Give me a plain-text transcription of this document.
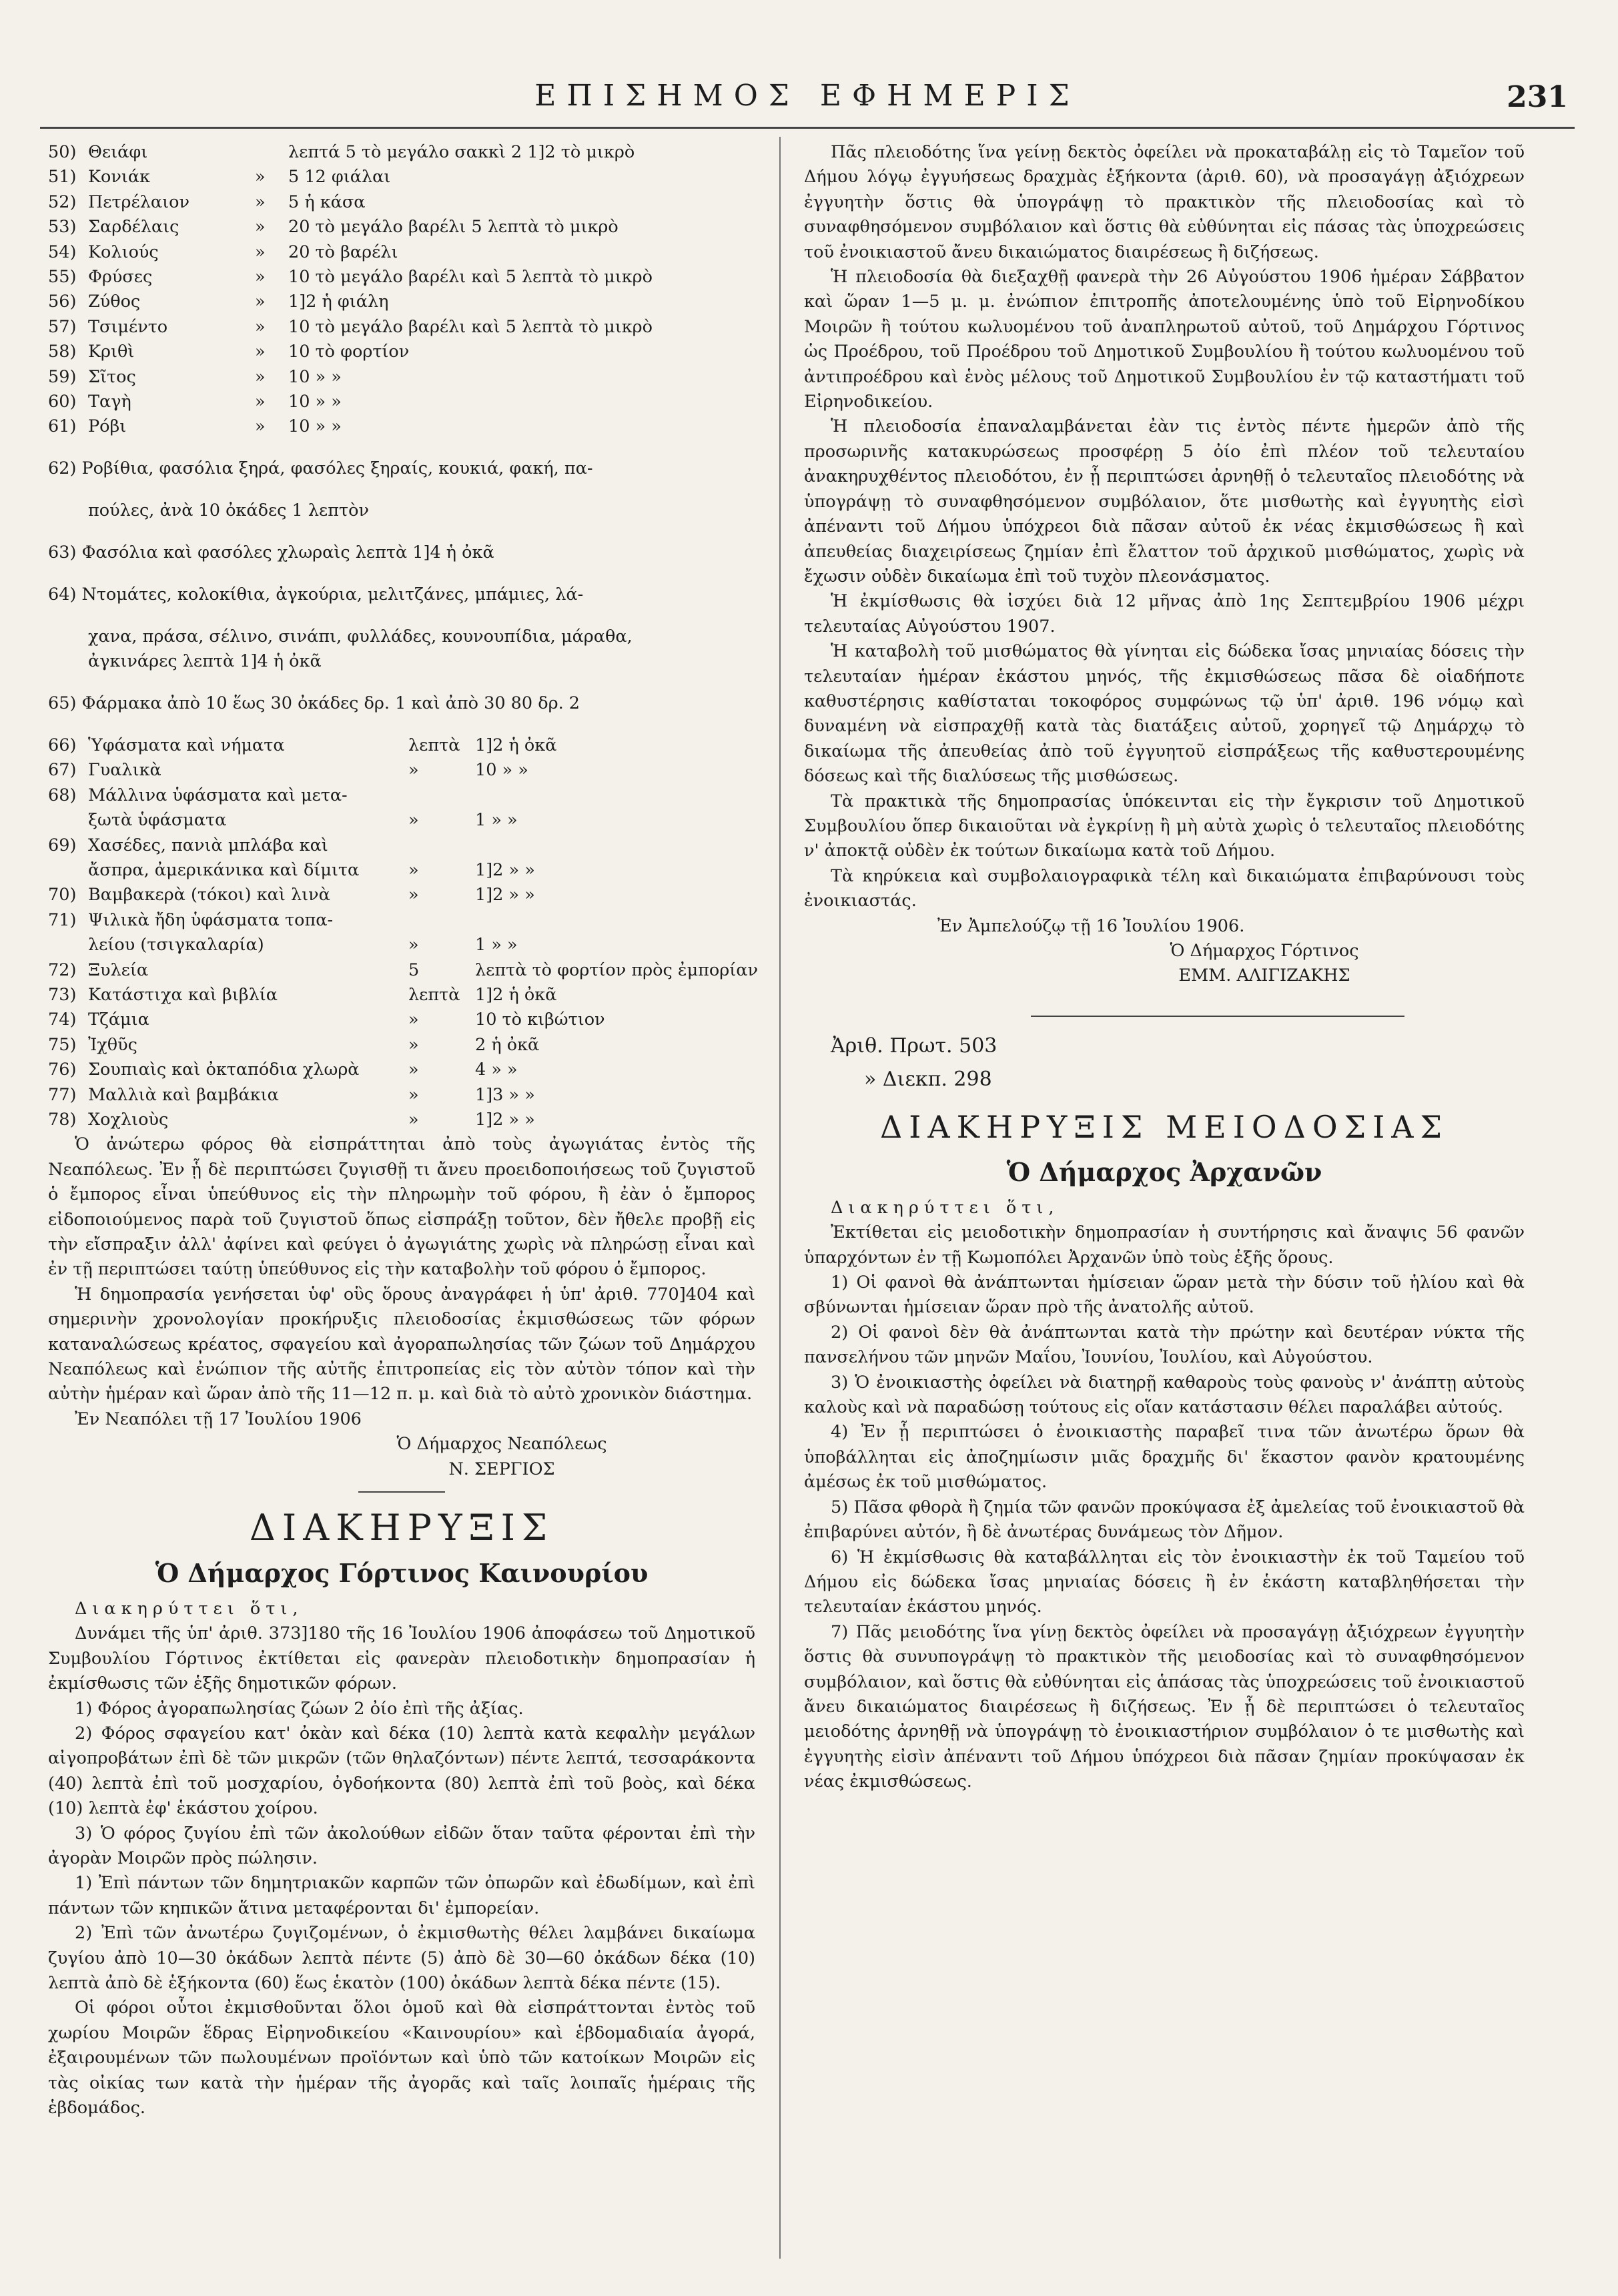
ΕΠΙΣΗΜΟΣ ΕΦΗΜΕΡΙΣ	231
50) Θειάφι	λεπτά 5 τὸ μεγάλο σακκὶ 2 1]2 τὸ μικρὸ
51) Κονιάκ	» 5 12 φιάλαι
52) Πετρέλαιον	» 5 ἡ κάσα
53) Σαρδέλαις	» 20 τὸ μεγάλο βαρέλι 5 λεπτὰ τὸ μικρὸ
54) Κολιούς	» 20 τὸ βαρέλι
55) Φρύσες	» 10 τὸ μεγάλο βαρέλι καὶ 5 λεπτὰ τὸ μικρὸ
56) Ζύθος	» 1]2 ἡ φιάλη
57) Τσιμέντο	» 10 τὸ μεγάλο βαρέλι καὶ 5 λεπτὰ τὸ μικρὸ
58) Κριθὶ	» 10 τὸ φορτίον
59) Σῖτος	» 10 » »
60) Ταγὴ	» 10 » »
61) Ρόβι	» 10 » »

62) Ροβίθια, φασόλια ξηρά, φασόλες ξηραίς, κουκιά, φακή, πα-

πούλες, ἀνὰ 10 ὀκάδες 1 λεπτὸν

63) Φασόλια καὶ φασόλες χλωραὶς λεπτὰ 1]4 ἡ ὀκᾶ

64) Ντομάτες, κολοκίθια, ἀγκούρια, μελιτζάνες, μπάμιες, λά-

χανα, πράσα, σέλινο, σινάπι, φυλλάδες, κουνουπίδια, μάραθα,

ἀγκινάρες λεπτὰ 1]4 ἡ ὀκᾶ

65) Φάρμακα ἀπὸ 10 ἕως 30 ὀκάδες δρ. 1 καὶ ἀπὸ 30 80 δρ. 2

66) Ὑφάσματα καὶ νήματα	λεπτὰ 1]2 ἡ ὀκᾶ
67) Γυαλικὰ	»	10 » »
68) Μάλλινα ὑφάσματα καὶ μετα-
ξωτὰ ὑφάσματα	»	1 » »
69) Χασέδες, πανιὰ μπλάβα καὶ
ἄσπρα, ἀμερικάνικα καὶ δίμιτα	»	1]2 » »
70) Βαμβακερὰ (τόκοι) καὶ λινὰ	»	1]2 » »
71) Ψιλικὰ ἤδη ὑφάσματα τοπα-
λείου (τσιγκαλαρία)	»	1 » »
72) Ξυλεία	5	λεπτὰ τὸ φορτίον πρὸς ἐμπορίαν
73) Κατάστιχα καὶ βιβλία	λεπτὰ 1]2 ἡ ὀκᾶ
74) Τζάμια	»	10 τὸ κιβώτιον
75) Ἰχθῦς	»	2 ἡ ὀκᾶ
76) Σουπιαὶς καὶ ὀκταπόδια χλωρὰ	»	4 » »
77) Μαλλιὰ καὶ βαμβάκια	»	1]3 » »
78) Χοχλιοὺς	»	1]2 » »

Ὁ ἀνώτερω φόρος θὰ εἰσπράττηται ἀπὸ τοὺς ἀγωγιάτας ἐντὸς τῆς Νεαπόλεως. Ἐν ᾗ δὲ περιπτώσει ζυγισθῇ τι ἄνευ προειδοποιήσεως τοῦ ζυγιστοῦ ὁ ἔμπορος εἶναι ὑπεύθυνος εἰς τὴν πληρωμὴν τοῦ φόρου, ἢ ἐὰν ὁ ἔμπορος εἰδοποιούμενος παρὰ τοῦ ζυγιστοῦ ὅπως εἰσπράξῃ τοῦτον, δὲν ἤθελε προβῇ εἰς τὴν εἴσπραξιν ἀλλ' ἀφίνει καὶ φεύγει ὁ ἀγωγιάτης χωρὶς νὰ πληρώσῃ εἶναι καὶ ἐν τῇ περιπτώσει ταύτῃ ὑπεύθυνος εἰς τὴν καταβολὴν τοῦ φόρου ὁ ἔμπορος.

Ἡ δημοπρασία γενήσεται ὑφ' οὓς ὅρους ἀναγράφει ἡ ὑπ' ἀριθ. 770]404 καὶ σημερινὴν χρονολογίαν προκήρυξις πλειοδοσίας ἐκμισθώσεως τῶν φόρων καταναλώσεως κρέατος, σφαγείου καὶ ἀγοραπωλησίας τῶν ζώων τοῦ Δημάρχου Νεαπόλεως καὶ ἐνώπιον τῆς αὐτῆς ἐπιτροπείας εἰς τὸν αὐτὸν τόπον καὶ τὴν αὐτὴν ἡμέραν καὶ ὥραν ἀπὸ τῆς 11—12 π. μ. καὶ διὰ τὸ αὐτὸ χρονικὸν διάστημα.

Ἐν Νεαπόλει τῇ 17 Ἰουλίου 1906

Ὁ Δήμαρχος Νεαπόλεως

Ν. ΣΕΡΓΙΟΣ

ΔΙΑΚΗΡΥΞΙΣ
Ὁ Δήμαρχος Γόρτινος Καινουρίου

Διακηρύττει ὅτι,

Δυνάμει τῆς ὑπ' ἀριθ. 373]180 τῆς 16 Ἰουλίου 1906 ἀποφάσεω τοῦ Δημοτικοῦ Συμβουλίου Γόρτινος ἐκτίθεται εἰς φανερὰν πλειοδοτικὴν δημοπρασίαν ἡ ἐκμίσθωσις τῶν ἑξῆς δημοτικῶν φόρων.

1) Φόρος ἀγοραπωλησίας ζώων 2 ὀίο ἐπὶ τῆς ἀξίας.

2) Φόρος σφαγείου κατ' ὀκὰν καὶ δέκα (10) λεπτὰ κατὰ κεφαλὴν μεγάλων αἰγοπροβάτων ἐπὶ δὲ τῶν μικρῶν (τῶν θηλαζόντων) πέντε λεπτά, τεσσαράκοντα (40) λεπτὰ ἐπὶ τοῦ μοσχαρίου, ὀγδοήκοντα (80) λεπτὰ ἐπὶ τοῦ βοὸς, καὶ δέκα (10) λεπτὰ ἐφ' ἑκάστου χοίρου.

3) Ὁ φόρος ζυγίου ἐπὶ τῶν ἀκολούθων εἰδῶν ὅταν ταῦτα φέρονται ἐπὶ τὴν ἀγορὰν Μοιρῶν πρὸς πώλησιν.

1) Ἐπὶ πάντων τῶν δημητριακῶν καρπῶν τῶν ὀπωρῶν καὶ ἐδωδίμων, καὶ ἐπὶ πάντων τῶν κηπικῶν ἅτινα μεταφέρονται δι' ἐμπορείαν.

2) Ἐπὶ τῶν ἀνωτέρω ζυγιζομένων, ὁ ἐκμισθωτὴς θέλει λαμβάνει δικαίωμα ζυγίου ἀπὸ 10—30 ὀκάδων λεπτὰ πέντε (5) ἀπὸ δὲ 30—60 ὀκάδων δέκα (10) λεπτὰ ἀπὸ δὲ ἑξήκοντα (60) ἕως ἑκατὸν (100) ὀκάδων λεπτὰ δέκα πέντε (15).

Οἱ φόροι οὗτοι ἐκμισθοῦνται ὅλοι ὁμοῦ καὶ θὰ εἰσπράττονται ἐντὸς τοῦ χωρίου Μοιρῶν ἕδρας Εἰρηνοδικείου «Καινουρίου» καὶ ἑβδομαδιαία ἀγορά, ἐξαιρουμένων τῶν πωλουμένων προϊόντων καὶ ὑπὸ τῶν κατοίκων Μοιρῶν εἰς τὰς οἰκίας των κατὰ τὴν ἡμέραν τῆς ἀγορᾶς καὶ ταῖς λοιπαῖς ἡμέραις τῆς ἑβδομάδος.

Πᾶς πλειοδότης ἵνα γείνῃ δεκτὸς ὀφείλει νὰ προκαταβάλῃ εἰς τὸ Ταμεῖον τοῦ Δήμου λόγῳ ἐγγυήσεως δραχμὰς ἑξήκοντα (ἀριθ. 60), νὰ προσαγάγῃ ἀξιόχρεων ἐγγυητὴν ὅστις θὰ ὑπογράψῃ τὸ πρακτικὸν τῆς πλειοδοσίας καὶ τὸ συναφθησόμενον συμβόλαιον καὶ ὅστις θὰ εὐθύνηται εἰς πάσας τὰς ὑποχρεώσεις τοῦ ἐνοικιαστοῦ ἄνευ δικαιώματος διαιρέσεως ἢ διζήσεως.

Ἡ πλειοδοσία θὰ διεξαχθῇ φανερὰ τὴν 26 Αὐγούστου 1906 ἡμέραν Σάββατον καὶ ὥραν 1—5 μ. μ. ἐνώπιον ἐπιτροπῆς ἀποτελουμένης ὑπὸ τοῦ Εἰρηνοδίκου Μοιρῶν ἢ τούτου κωλυομένου τοῦ ἀναπληρωτοῦ αὐτοῦ, τοῦ Δημάρχου Γόρτινος ὡς Προέδρου, τοῦ Προέδρου τοῦ Δημοτικοῦ Συμβουλίου ἢ τούτου κωλυομένου τοῦ ἀντιπροέδρου καὶ ἑνὸς μέλους τοῦ Δημοτικοῦ Συμβουλίου ἐν τῷ καταστήματι τοῦ Εἰρηνοδικείου.

Ἡ πλειοδοσία ἐπαναλαμβάνεται ἐὰν τις ἐντὸς πέντε ἡμερῶν ἀπὸ τῆς προσωρινῆς κατακυρώσεως προσφέρῃ 5 ὀίο ἐπὶ πλέον τοῦ τελευταίου ἀνακηρυχθέντος πλειοδότου, ἐν ᾗ περιπτώσει ἀρνηθῇ ὁ τελευταῖος πλειοδότης νὰ ὑπογράψῃ τὸ συναφθησόμενον συμβόλαιον, ὅτε μισθωτὴς καὶ ἐγγυητὴς εἰσὶ ἀπέναντι τοῦ Δήμου ὑπόχρεοι διὰ πᾶσαν αὐτοῦ ἐκ νέας ἐκμισθώσεως ἢ καὶ ἀπευθείας διαχειρίσεως ζημίαν ἐπὶ ἔλαττον τοῦ ἀρχικοῦ μισθώματος, χωρὶς νὰ ἔχωσιν οὐδὲν δικαίωμα ἐπὶ τοῦ τυχὸν πλεονάσματος.

Ἡ ἐκμίσθωσις θὰ ἰσχύει διὰ 12 μῆνας ἀπὸ 1ης Σεπτεμβρίου 1906 μέχρι τελευταίας Αὐγούστου 1907.

Ἡ καταβολὴ τοῦ μισθώματος θὰ γίνηται εἰς δώδεκα ἴσας μηνιαίας δόσεις τὴν τελευταίαν ἡμέραν ἑκάστου μηνός, τῆς ἐκμισθώσεως πᾶσα δὲ οἱαδήποτε καθυστέρησις καθίσταται τοκοφόρος συμφώνως τῷ ὑπ' ἀριθ. 196 νόμῳ καὶ δυναμένη νὰ εἰσπραχθῇ κατὰ τὰς διατάξεις αὐτοῦ, χορηγεῖ τῷ Δημάρχῳ τὸ δικαίωμα τῆς ἀπευθείας ἀπὸ τοῦ ἐγγυητοῦ εἰσπράξεως τῆς καθυστερουμένης δόσεως καὶ τῆς διαλύσεως τῆς μισθώσεως.

Τὰ πρακτικὰ τῆς δημοπρασίας ὑπόκεινται εἰς τὴν ἔγκρισιν τοῦ Δημοτικοῦ Συμβουλίου ὅπερ δικαιοῦται νὰ ἐγκρίνῃ ἢ μὴ αὐτὰ χωρὶς ὁ τελευταῖος πλειοδότης ν' ἀποκτᾷ οὐδὲν ἐκ τούτων δικαίωμα κατὰ τοῦ Δήμου.

Τὰ κηρύκεια καὶ συμβολαιογραφικὰ τέλη καὶ δικαιώματα ἐπιβαρύνουσι τοὺς ἐνοικιαστάς.

Ἐν Ἀμπελούζῳ τῇ 16 Ἰουλίου 1906.

Ὁ Δήμαρχος Γόρτινος

ΕΜΜ. ΑΛΙΓΙΖΑΚΗΣ

Ἀριθ. Πρωτ. 503

» Διεκπ. 298

ΔΙΑΚΗΡΥΞΙΣ ΜΕΙΟΔΟΣΙΑΣ
Ὁ Δήμαρχος Ἀρχανῶν

Διακηρύττει ὅτι,

Ἐκτίθεται εἰς μειοδοτικὴν δημοπρασίαν ἡ συντήρησις καὶ ἄναψις 56 φανῶν ὑπαρχόντων ἐν τῇ Κωμοπόλει Ἀρχανῶν ὑπὸ τοὺς ἑξῆς ὅρους.

1) Οἱ φανοὶ θὰ ἀνάπτωνται ἡμίσειαν ὥραν μετὰ τὴν δύσιν τοῦ ἡλίου καὶ θὰ σβύνωνται ἡμίσειαν ὥραν πρὸ τῆς ἀνατολῆς αὐτοῦ.

2) Οἱ φανοὶ δὲν θὰ ἀνάπτωνται κατὰ τὴν πρώτην καὶ δευτέραν νύκτα τῆς πανσελήνου τῶν μηνῶν Μαΐου, Ἰουνίου, Ἰουλίου, καὶ Αὐγούστου.

3) Ὁ ἐνοικιαστὴς ὀφείλει νὰ διατηρῇ καθαροὺς τοὺς φανοὺς ν' ἀνάπτῃ αὐτοὺς καλοὺς καὶ νὰ παραδώσῃ τούτους εἰς οἵαν κατάστασιν θέλει παραλάβει αὐτούς.

4) Ἐν ᾗ περιπτώσει ὁ ἐνοικιαστὴς παραβεῖ τινα τῶν ἀνωτέρω ὅρων θὰ ὑποβάλληται εἰς ἀποζημίωσιν μιᾶς δραχμῆς δι' ἕκαστον φανὸν κρατουμένης ἀμέσως ἐκ τοῦ μισθώματος.

5) Πᾶσα φθορὰ ἢ ζημία τῶν φανῶν προκύψασα ἐξ ἀμελείας τοῦ ἐνοικιαστοῦ θὰ ἐπιβαρύνει αὐτόν, ἢ δὲ ἀνωτέρας δυνάμεως τὸν Δῆμον.

6) Ἡ ἐκμίσθωσις θὰ καταβάλληται εἰς τὸν ἐνοικιαστὴν ἐκ τοῦ Ταμείου τοῦ Δήμου εἰς δώδεκα ἴσας μηνιαίας δόσεις ἢ ἐν ἑκάστη καταβληθήσεται τὴν τελευταίαν ἑκάστου μηνός.

7) Πᾶς μειοδότης ἵνα γίνῃ δεκτὸς ὀφείλει νὰ προσαγάγῃ ἀξιόχρεων ἐγγυητὴν ὅστις θὰ συνυπογράψῃ τὸ πρακτικὸν τῆς μειοδοσίας καὶ τὸ συναφθησόμενον συμβόλαιον, καὶ ὅστις θὰ εὐθύνηται εἰς ἁπάσας τὰς ὑποχρεώσεις τοῦ ἐνοικιαστοῦ ἄνευ δικαιώματος διαιρέσεως ἢ διζήσεως. Ἐν ᾗ δὲ περιπτώσει ὁ τελευταῖος μειοδότης ἀρνηθῇ νὰ ὑπογράψῃ τὸ ἐνοικιαστήριον συμβόλαιον ὁ τε μισθωτὴς καὶ ἐγγυητὴς εἰσὶν ἀπέναντι τοῦ Δήμου ὑπόχρεοι διὰ πᾶσαν ζημίαν προκύψασαν ἐκ νέας ἐκμισθώσεως.
